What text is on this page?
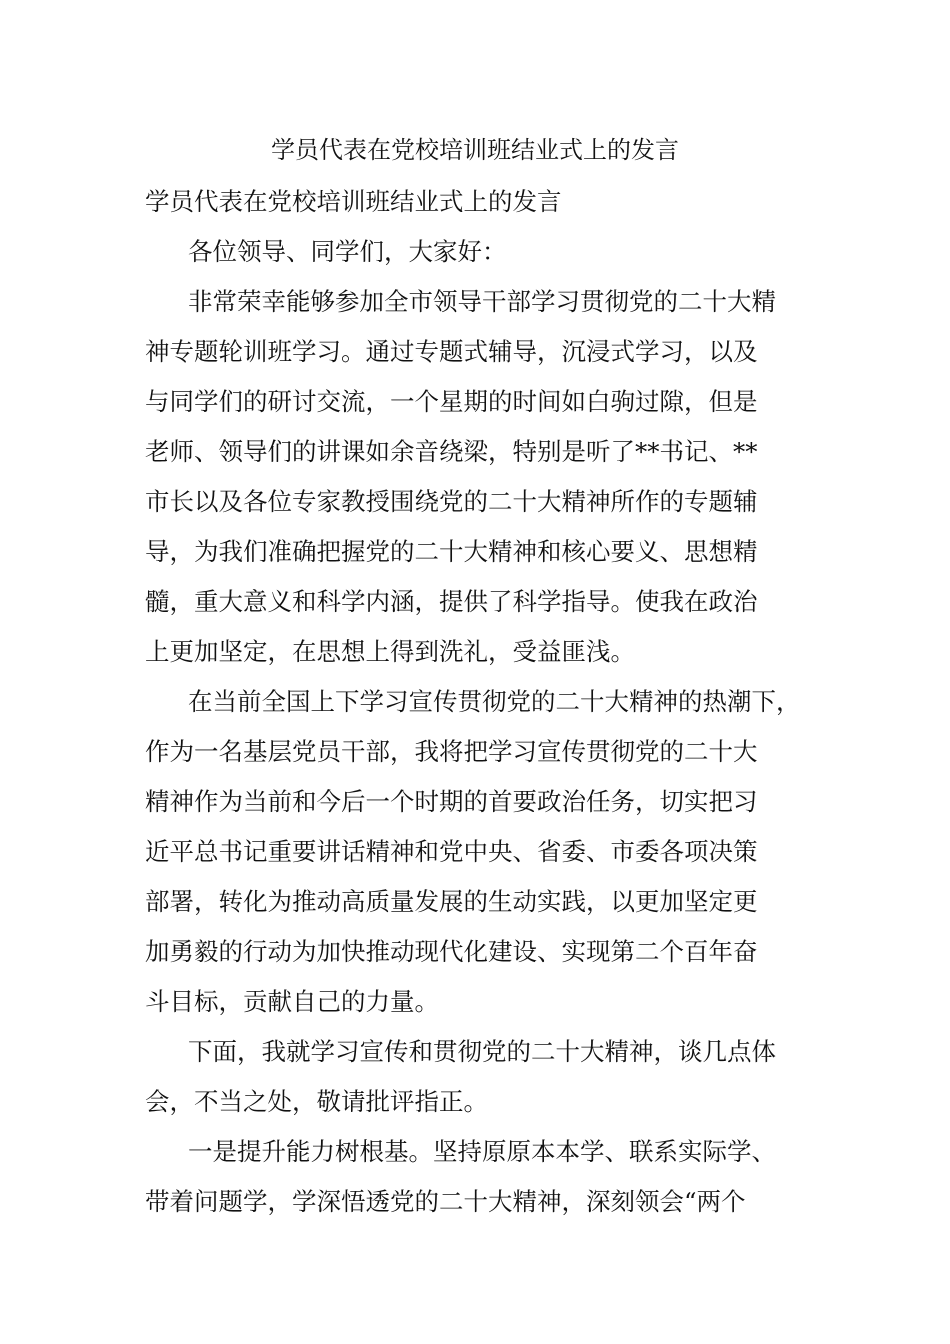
学员代表在党校培训班结业式上的发言
学员代表在党校培训班结业式上的发言
各位领导、同学们，大家好：
非常荣幸能够参加全市领导干部学习贯彻党的二十大精
神专题轮训班学习。通过专题式辅导，沉浸式学习，以及
与同学们的研讨交流，一个星期的时间如白驹过隙，但是
老师、领导们的讲课如余音绕梁，特别是听了**书记、**
市长以及各位专家教授围绕党的二十大精神所作的专题辅
导，为我们准确把握党的二十大精神和核心要义、思想精
髓，重大意义和科学内涵，提供了科学指导。使我在政治
上更加坚定，在思想上得到洗礼，受益匪浅。
在当前全国上下学习宣传贯彻党的二十大精神的热潮下，
作为一名基层党员干部，我将把学习宣传贯彻党的二十大
精神作为当前和今后一个时期的首要政治任务，切实把习
近平总书记重要讲话精神和党中央、省委、市委各项决策
部署，转化为推动高质量发展的生动实践，以更加坚定更
加勇毅的行动为加快推动现代化建设、实现第二个百年奋
斗目标，贡献自己的力量。
下面，我就学习宣传和贯彻党的二十大精神，谈几点体
会，不当之处，敬请批评指正。
一是提升能力树根基。坚持原原本本学、联系实际学、
带着问题学，学深悟透党的二十大精神，深刻领会“两个
